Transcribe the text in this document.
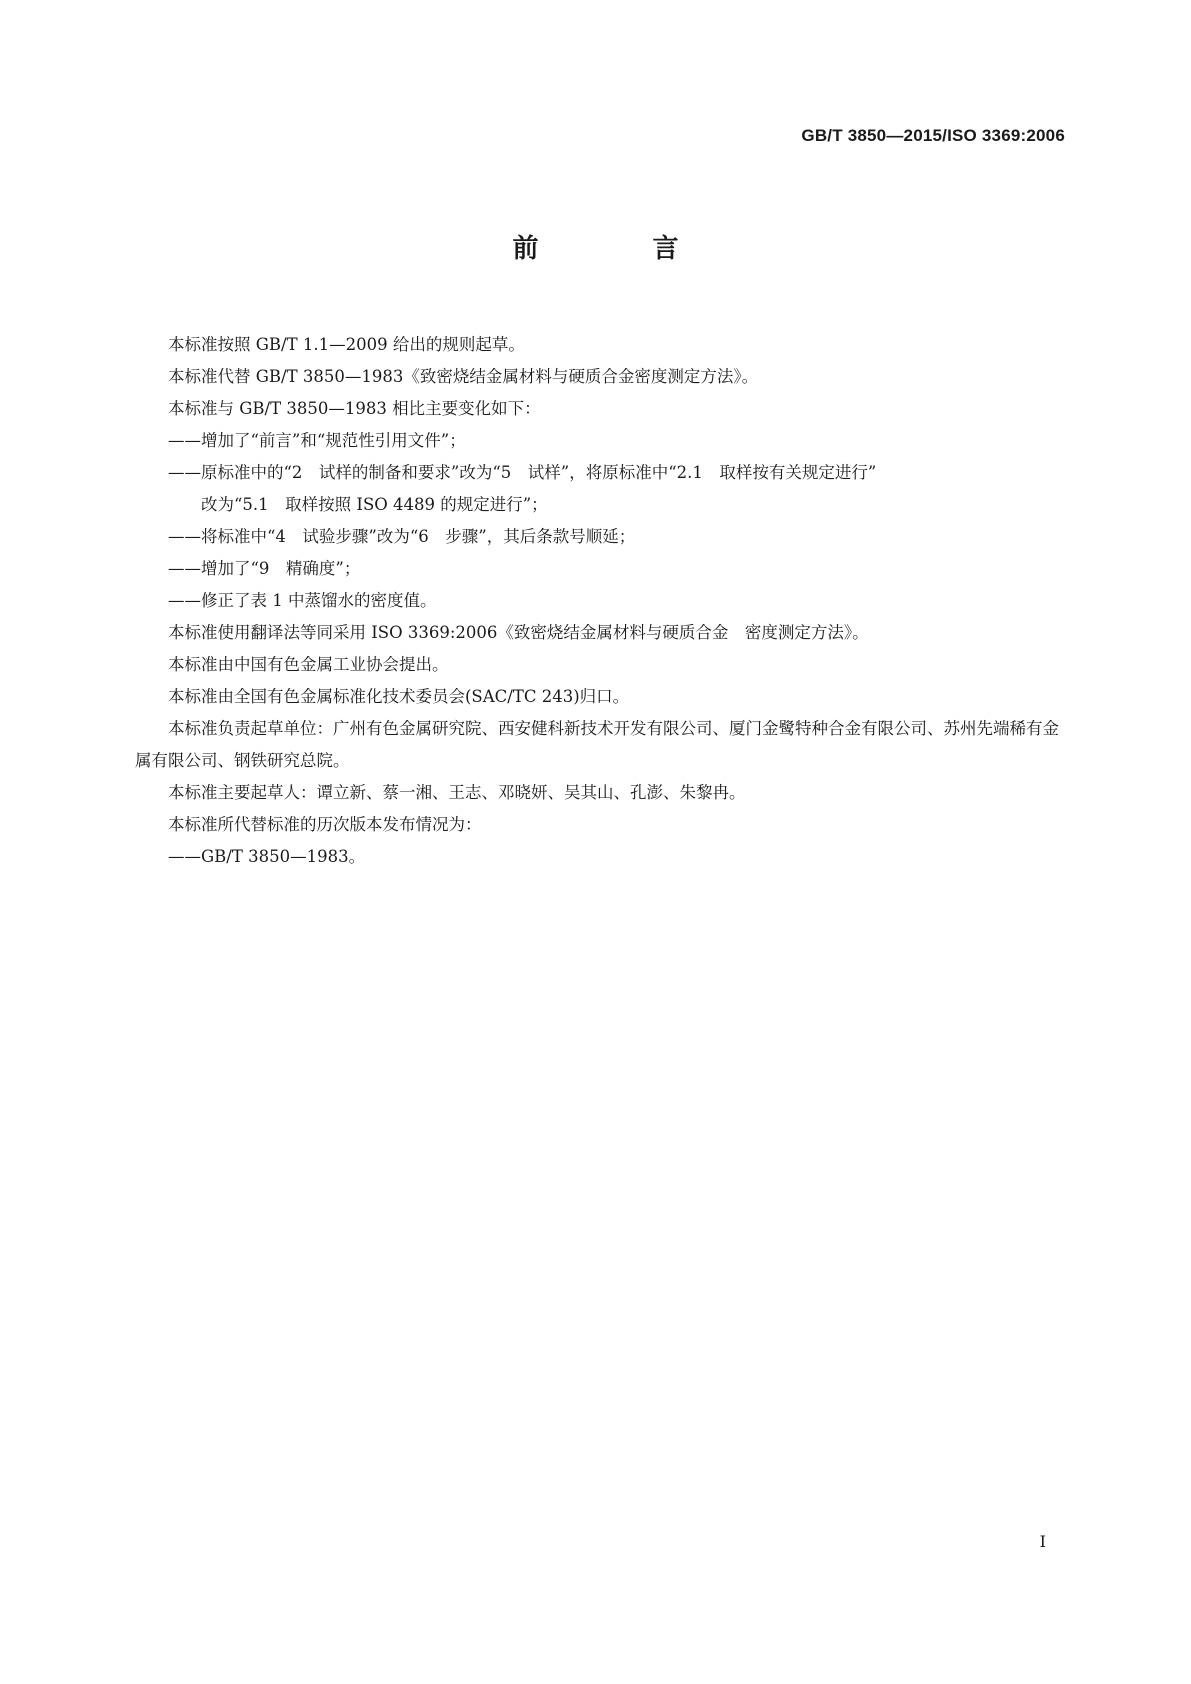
GB/T 3850—2015/ISO 3369:2006
前　言

本标准按照 GB/T 1.1—2009 给出的规则起草。

本标准代替 GB/T 3850—1983《致密烧结金属材料与硬质合金密度测定方法》。

本标准与 GB/T 3850—1983 相比主要变化如下：

——增加了“前言”和“规范性引用文件”；

——原标准中的“2　试样的制备和要求”改为“5　试样”，将原标准中“2.1　取样按有关规定进行”

改为“5.1　取样按照 ISO 4489 的规定进行”；

——将标准中“4　试验步骤”改为“6　步骤”，其后条款号顺延；

——增加了“9　精确度”；

——修正了表 1 中蒸馏水的密度值。

本标准使用翻译法等同采用 ISO 3369:2006《致密烧结金属材料与硬质合金　密度测定方法》。

本标准由中国有色金属工业协会提出。

本标准由全国有色金属标准化技术委员会(SAC/TC 243)归口。

本标准负责起草单位：广州有色金属研究院、西安健科新技术开发有限公司、厦门金鹭特种合金有限公司、苏州先端稀有金属有限公司、钢铁研究总院。

本标准主要起草人：谭立新、蔡一湘、王志、邓晓妍、吴其山、孔澎、朱黎冉。

本标准所代替标准的历次版本发布情况为：

——GB/T 3850—1983。

I
